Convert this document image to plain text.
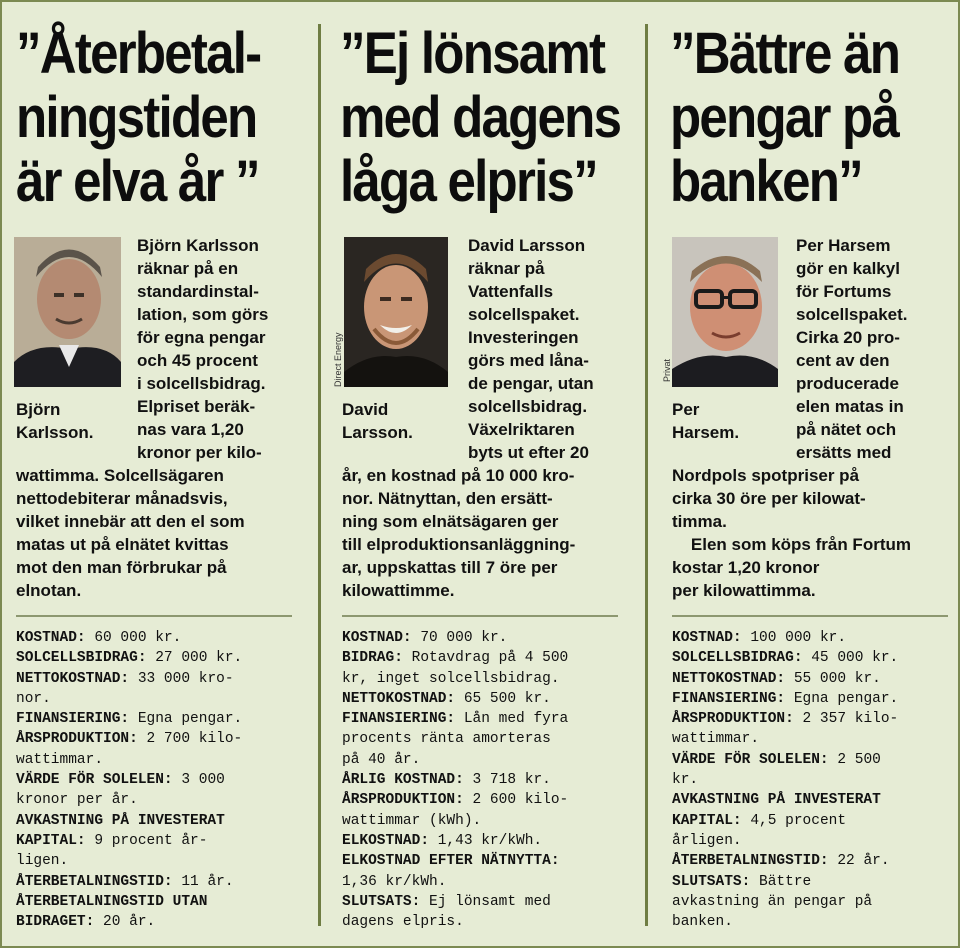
”Återbetal-
ningstiden
är elva år ”
Björn
Karlsson.
Björn Karlsson
räknar på en
standardinstal-
lation, som görs
för egna pengar
och 45 procent
i solcellsbidrag.
Elpriset beräk-
nas vara 1,20
kronor per kilo-
wattimma. Solcellsägaren
nettodebiterar månadsvis,
vilket innebär att den el som
matas ut på elnätet kvittas
mot den man förbrukar på
elnotan.
KOSTNAD: 60 000 kr.
SOLCELLSBIDRAG: 27 000 kr.
NETTOKOSTNAD: 33 000 kro-
nor.
FINANSIERING: Egna pengar.
ÅRSPRODUKTION: 2 700 kilo-
wattimmar.
VÄRDE FÖR SOLELEN: 3 000
kronor per år.
AVKASTNING PÅ INVESTERAT
KAPITAL: 9 procent år-
ligen.
ÅTERBETALNINGSTID: 11 år.
ÅTERBETALNINGSTID UTAN
BIDRAGET: 20 år.
”Ej lönsamt
med dagens
låga elpris”
Direct Energy
David
Larsson.
David Larsson
räknar på
Vattenfalls
solcellspaket.
Investeringen
görs med låna-
de pengar, utan
solcellsbidrag.
Växelriktaren
byts ut efter 20
år, en kostnad på 10 000 kro-
nor. Nätnyttan, den ersätt-
ning som elnätsägaren ger
till elproduktionsanläggning-
ar, uppskattas till 7 öre per
kilowattimme.
KOSTNAD: 70 000 kr.
BIDRAG: Rotavdrag på 4 500
kr, inget solcellsbidrag.
NETTOKOSTNAD: 65 500 kr.
FINANSIERING: Lån med fyra
procents ränta amorteras
på 40 år.
ÅRLIG KOSTNAD: 3 718 kr.
ÅRSPRODUKTION: 2 600 kilo-
wattimmar (kWh).
ELKOSTNAD: 1,43 kr/kWh.
ELKOSTNAD EFTER NÄTNYTTA:
1,36 kr/kWh.
SLUTSATS: Ej lönsamt med
dagens elpris.
”Bättre än
pengar på
banken”
Privat
Per
Harsem.
Per Harsem
gör en kalkyl
för Fortums
solcellspaket.
Cirka 20 pro-
cent av den
producerade
elen matas in
på nätet och
ersätts med
Nordpols spotpriser på
cirka 30 öre per kilowat-
timma.
Elen som köps från Fortum
kostar 1,20 kronor
per kilowattimma.
KOSTNAD: 100 000 kr.
SOLCELLSBIDRAG: 45 000 kr.
NETTOKOSTNAD: 55 000 kr.
FINANSIERING: Egna pengar.
ÅRSPRODUKTION: 2 357 kilo-
wattimmar.
VÄRDE FÖR SOLELEN: 2 500
kr.
AVKASTNING PÅ INVESTERAT
KAPITAL: 4,5 procent
årligen.
ÅTERBETALNINGSTID: 22 år.
SLUTSATS: Bättre
avkastning än pengar på
banken.
